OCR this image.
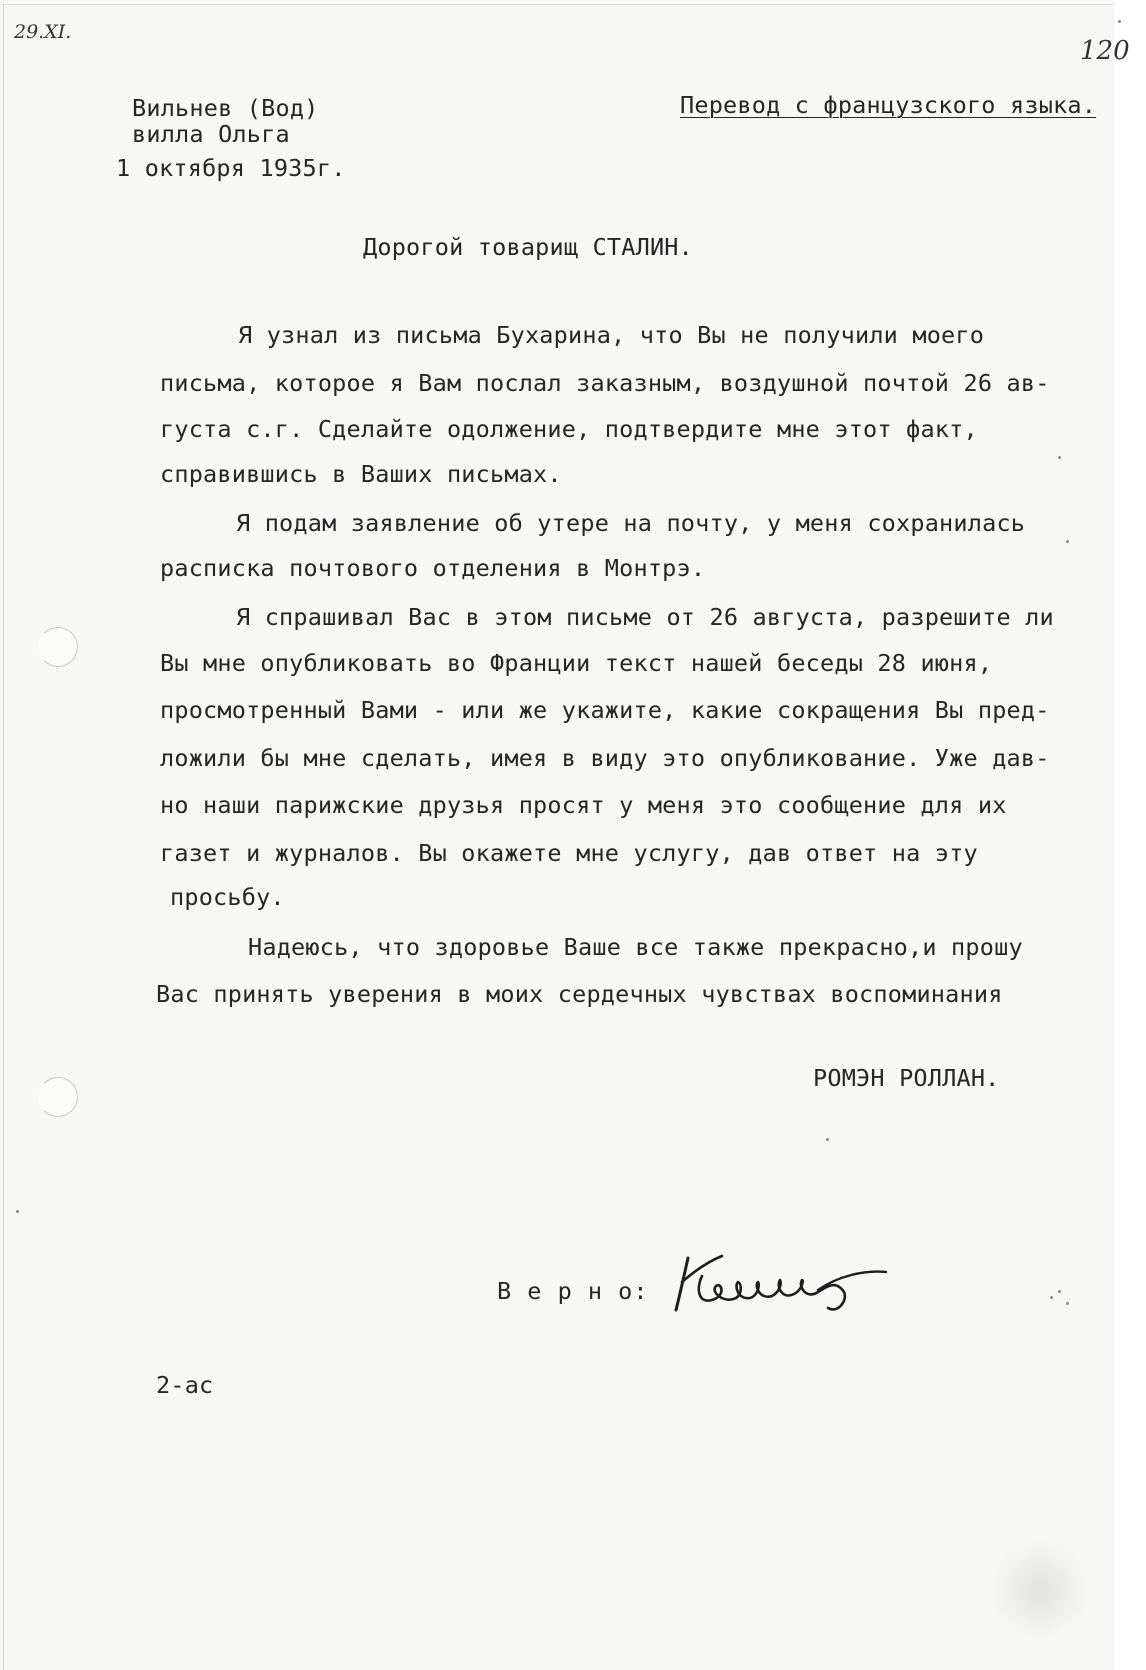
29.XI.
120
Вильнев (Вод)
вилла Ольга
1 октября 1935г.
Перевод с французского языка.
Дорогой товарищ СТАЛИН.
Я узнал из письма Бухарина, что Вы не получили моего
письма, которое я Вам послал заказным, воздушной почтой 26 ав-
густа с.г. Сделайте одолжение, подтвердите мне этот факт,
справившись в Ваших письмах.
Я подам заявление об утере на почту, у меня сохранилась
расписка почтового отделения в Монтрэ.
Я спрашивал Вас в этом письме от 26 августа, разрешите ли
Вы мне опубликовать во Франции текст нашей беседы 28 июня,
просмотренный Вами - или же укажите, какие сокращения Вы пред-
ложили бы мне сделать, имея в виду это опубликование. Уже дав-
но наши парижские друзья просят у меня это сообщение для их
газет и журналов. Вы окажете мне услугу, дав ответ на эту
просьбу.
Надеюсь, что здоровье Ваше все также прекрасно,и прошу
Вас принять уверения в моих сердечных чувствах воспоминания
РОМЭН РОЛЛАН.
В е р н о:
2-ас
